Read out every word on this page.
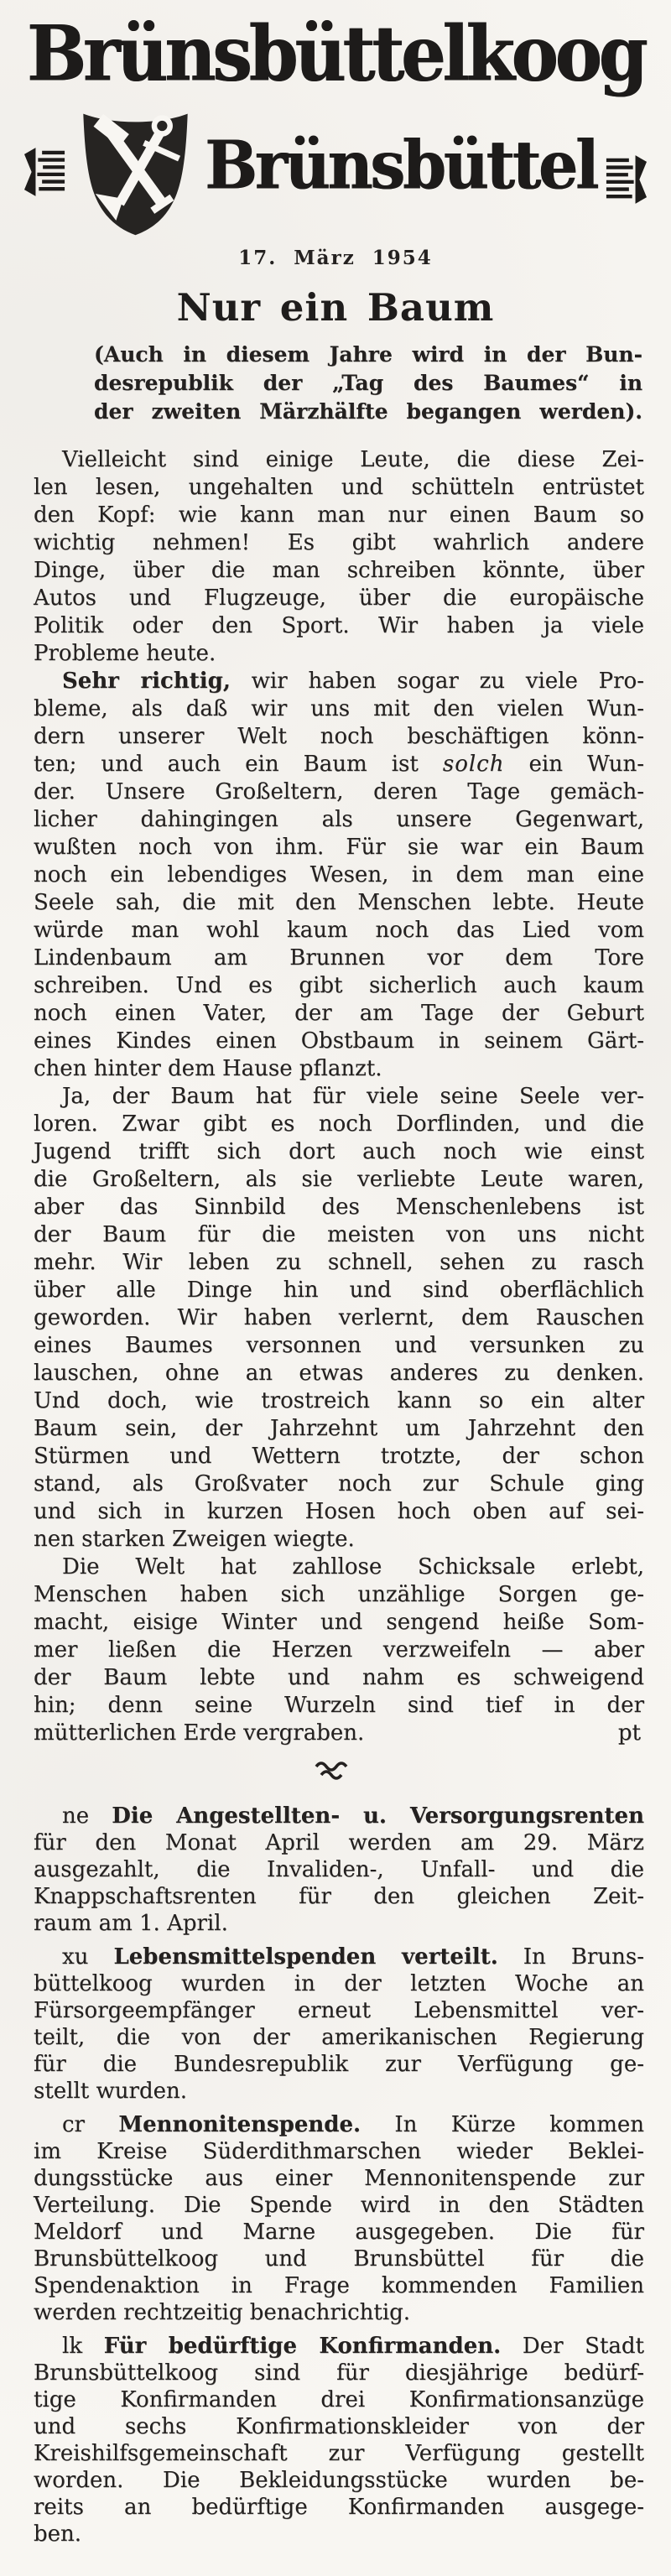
Brünsbüttelkoog
Brünsbüttel
17. März 1954
Nur ein Baum
(Auch in diesem Jahre wird in der Bun-
desrepublik der „Tag des Baumes“ in
der zweiten Märzhälfte begangen werden).
Vielleicht sind einige Leute, die diese Zei-
len lesen, ungehalten und schütteln entrüstet
den Kopf: wie kann man nur einen Baum so
wichtig nehmen! Es gibt wahrlich andere
Dinge, über die man schreiben könnte, über
Autos und Flugzeuge, über die europäische
Politik oder den Sport. Wir haben ja viele
Probleme heute.
Sehr richtig, wir haben sogar zu viele Pro-
bleme, als daß wir uns mit den vielen Wun-
dern unserer Welt noch beschäftigen könn-
ten; und auch ein Baum ist solch ein Wun-
der. Unsere Großeltern, deren Tage gemäch-
licher dahingingen als unsere Gegenwart,
wußten noch von ihm. Für sie war ein Baum
noch ein lebendiges Wesen, in dem man eine
Seele sah, die mit den Menschen lebte. Heute
würde man wohl kaum noch das Lied vom
Lindenbaum am Brunnen vor dem Tore
schreiben. Und es gibt sicherlich auch kaum
noch einen Vater, der am Tage der Geburt
eines Kindes einen Obstbaum in seinem Gärt-
chen hinter dem Hause pflanzt.
Ja, der Baum hat für viele seine Seele ver-
loren. Zwar gibt es noch Dorflinden, und die
Jugend trifft sich dort auch noch wie einst
die Großeltern, als sie verliebte Leute waren,
aber das Sinnbild des Menschenlebens ist
der Baum für die meisten von uns nicht
mehr. Wir leben zu schnell, sehen zu rasch
über alle Dinge hin und sind oberflächlich
geworden. Wir haben verlernt, dem Rauschen
eines Baumes versonnen und versunken zu
lauschen, ohne an etwas anderes zu denken.
Und doch, wie trostreich kann so ein alter
Baum sein, der Jahrzehnt um Jahrzehnt den
Stürmen und Wettern trotzte, der schon
stand, als Großvater noch zur Schule ging
und sich in kurzen Hosen hoch oben auf sei-
nen starken Zweigen wiegte.
Die Welt hat zahllose Schicksale erlebt,
Menschen haben sich unzählige Sorgen ge-
macht, eisige Winter und sengend heiße Som-
mer ließen die Herzen verzweifeln — aber
der Baum lebte und nahm es schweigend
hin; denn seine Wurzeln sind tief in der
mütterlichen Erde vergraben.	pt
ne Die Angestellten- u. Versorgungsrenten
für den Monat April werden am 29. März
ausgezahlt, die Invaliden-, Unfall- und die
Knappschaftsrenten für den gleichen Zeit-
raum am 1. April.
xu Lebensmittelspenden verteilt. In Bruns-
büttelkoog wurden in der letzten Woche an
Fürsorgeempfänger erneut Lebensmittel ver-
teilt, die von der amerikanischen Regierung
für die Bundesrepublik zur Verfügung ge-
stellt wurden.
cr Mennonitenspende. In Kürze kommen
im Kreise Süderdithmarschen wieder Beklei-
dungsstücke aus einer Mennonitenspende zur
Verteilung. Die Spende wird in den Städten
Meldorf und Marne ausgegeben. Die für
Brunsbüttelkoog und Brunsbüttel für die
Spendenaktion in Frage kommenden Familien
werden rechtzeitig benachrichtig.
lk Für bedürftige Konfirmanden. Der Stadt
Brunsbüttelkoog sind für diesjährige bedürf-
tige Konfirmanden drei Konfirmationsanzüge
und sechs Konfirmationskleider von der
Kreishilfsgemeinschaft zur Verfügung gestellt
worden. Die Bekleidungsstücke wurden be-
reits an bedürftige Konfirmanden ausgege-
ben.
